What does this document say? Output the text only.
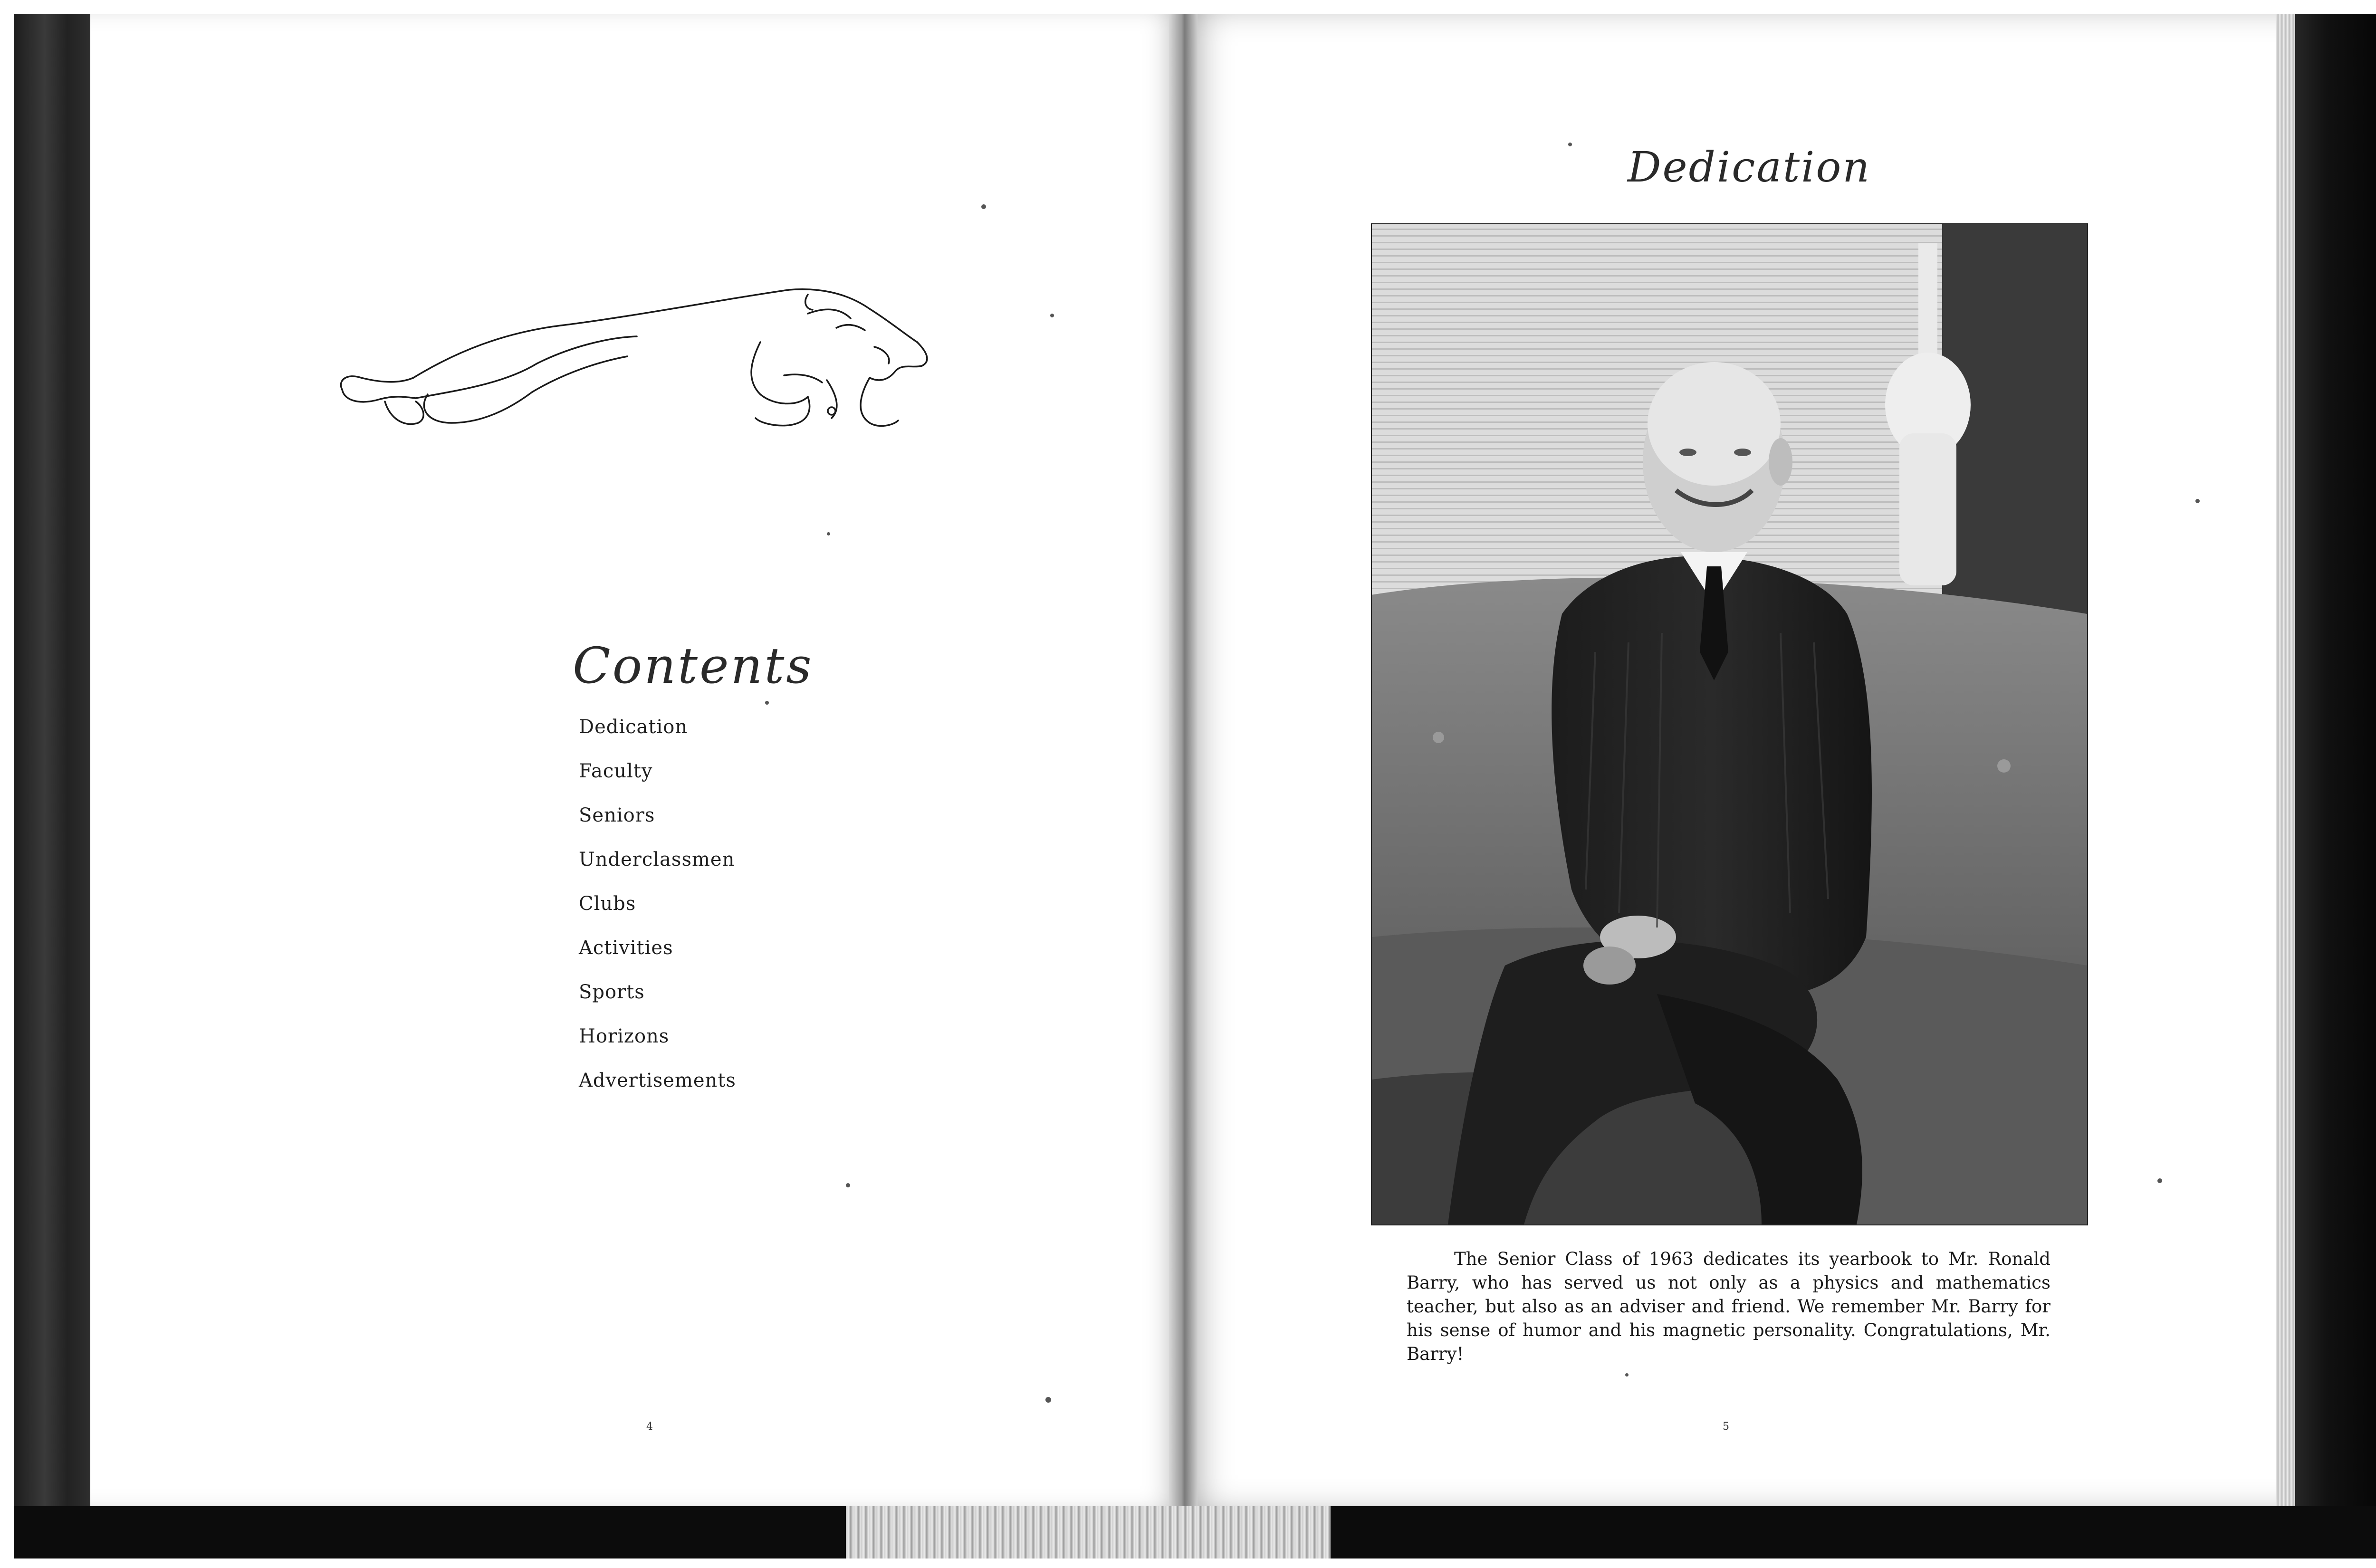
Contents
Dedication
Faculty
Seniors
Underclassmen
Clubs
Activities
Sports
Horizons
Advertisements
4
Dedication

The Senior Class of 1963 dedicates its yearbook to Mr. Ronald Barry, who has served us not only as a physics and mathematics teacher, but also as an adviser and friend. We remember Mr. Barry for his sense of humor and his magnetic personality. Congratulations, Mr. Barry!

5
